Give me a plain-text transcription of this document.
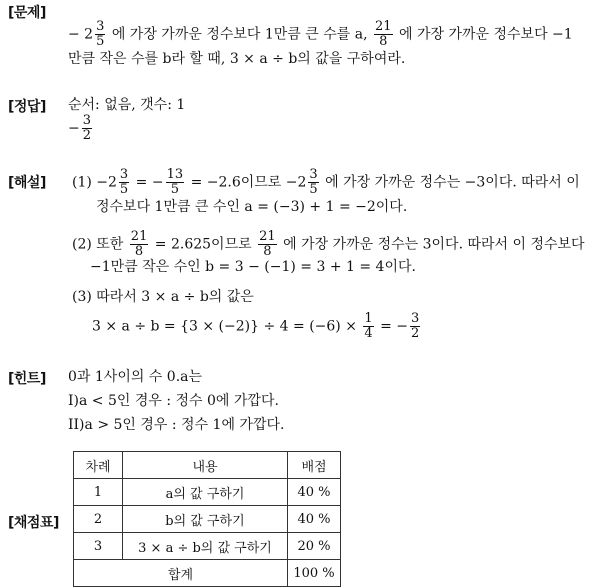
[문제]
[정답]
[해설]
[힌트]
[채점표]
− $2 \frac{3}{5}$ 에 가장 가까운 정수보다 1만큼 큰 수를 a, $\frac{21}{8}$ 에 가장 가까운 정수보다 −1
만큼 작은 수를 b라 할 때, 3 × a ÷ b의 값을 구하여라.
순서: 없음, 갯수: 1
− $\frac{3}{2}$
$(1) -2 \frac{3}{5}$ = − $\frac{13}{5} = -2.6$이므로 $-2 \frac{3}{5}$ 에 가장 가까운 정수는 −3이다. 따라서 이
정수보다 1만큼 큰 수인 a = (−3) + 1 = −2이다.
(2) 또한 $\frac{21}{8} = 2.625$이므로 $\frac{21}{8}$ 에 가장 가까운 정수는 3이다. 따라서 이 정수보다
−1만큼 작은 수인 b = 3 − (−1) = 3 + 1 = 4이다.
(3) 따라서 3 × a ÷ b의 값은
$3 \times a \div b = \{3 \times (-2)\} \div 4 = (-6) \times \frac{1}{4}$ = − $\frac{3}{2}$
0과 1사이의 수 0.a는
I)a < 5인 경우 : 정수 0에 가깝다.
II)a > 5인 경우 : 정수 1에 가깝다.
차례	내용	배점
1	a의 값 구하기	40 %
2	b의 값 구하기	40 %
3	3 × a ÷ b의 값 구하기	20 %
합계		100 %
